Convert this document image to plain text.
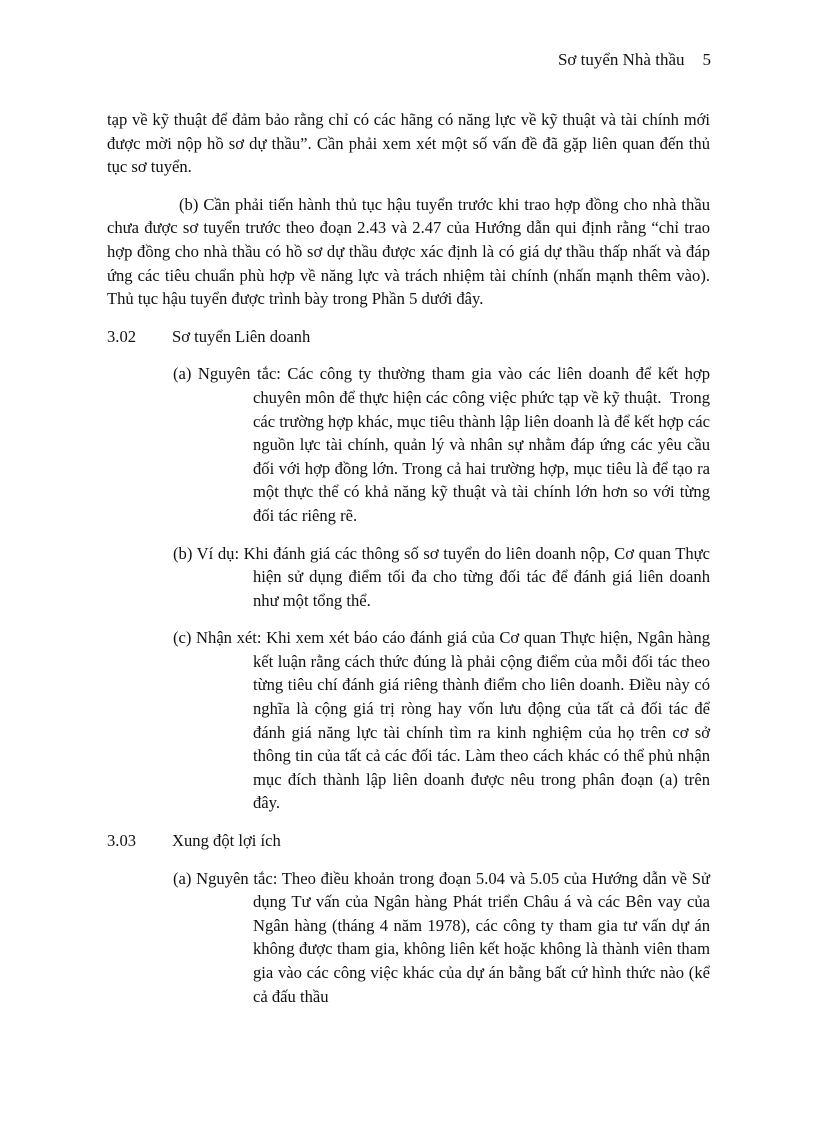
Sơ tuyển Nhà thầu 5

tạp về kỹ thuật để đảm bảo rằng chỉ có các hãng có năng lực về kỹ thuật và tài chính mới được mời nộp hồ sơ dự thầu”. Cần phải xem xét một số vấn đề đã gặp liên quan đến thủ tục sơ tuyển.

(b) Cần phải tiến hành thủ tục hậu tuyển trước khi trao hợp đồng cho nhà thầu chưa được sơ tuyển trước theo đoạn 2.43 và 2.47 của Hướng dẫn qui định rằng “chỉ trao hợp đồng cho nhà thầu có hồ sơ dự thầu được xác định là có giá dự thầu thấp nhất và đáp ứng các tiêu chuẩn phù hợp về năng lực và trách nhiệm tài chính (nhấn mạnh thêm vào). Thủ tục hậu tuyển được trình bày trong Phần 5 dưới đây.

3.02	Sơ tuyển Liên doanh

(a) Nguyên tắc: Các công ty thường tham gia vào các liên doanh để kết hợp       chuyên môn để thực hiện các công việc phức tạp về kỹ thuật.  Trong các trường hợp khác, mục tiêu thành lập liên doanh là để kết hợp các nguồn lực tài chính, quản lý và nhân sự nhằm đáp ứng các yêu cầu đối với hợp đồng lớn. Trong cả hai trường hợp, mục tiêu là để tạo ra một thực thể có khả năng kỹ thuật và tài chính lớn hơn so với từng đối tác riêng rẽ.

(b) Ví dụ: Khi đánh giá các thông số sơ tuyển do liên doanh nộp, Cơ quan Thực hiện sử dụng điểm tối đa cho từng đối tác để đánh giá liên doanh như một tổng thể.

(c) Nhận xét: Khi xem xét báo cáo đánh giá của Cơ quan Thực hiện, Ngân hàng kết luận rằng cách thức đúng là phải cộng điểm của mỗi đối tác theo từng tiêu chí đánh giá riêng thành điểm cho liên doanh. Điều này có nghĩa là cộng giá trị ròng hay vốn lưu động của tất cả đối tác để đánh giá năng lực tài chính tìm ra kinh nghiệm của họ trên cơ sở thông tin của tất cả các đối tác. Làm theo cách khác có thể phủ nhận mục đích thành lập liên doanh được nêu trong phân đoạn (a) trên đây.

3.03	Xung đột lợi ích

(a) Nguyên tắc: Theo điều khoản trong đoạn 5.04 và 5.05 của Hướng dẫn về Sử dụng Tư vấn của Ngân hàng Phát triển Châu á và các Bên vay của Ngân hàng (tháng 4 năm 1978), các công ty tham gia tư vấn dự án không được tham gia, không liên kết hoặc không là thành viên tham gia vào các công việc khác của dự án bằng bất cứ hình thức nào (kể cả đấu thầu
